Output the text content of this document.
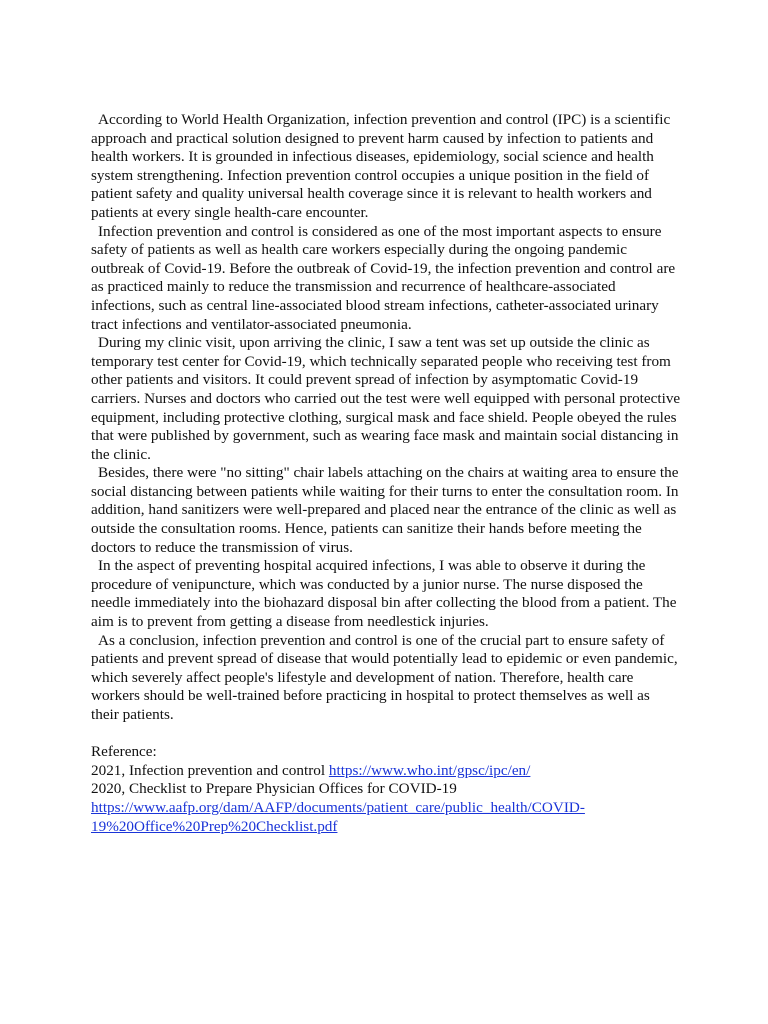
According to World Health Organization, infection prevention and control (IPC) is a scientific approach and practical solution designed to prevent harm caused by infection to patients and health workers. It is grounded in infectious diseases, epidemiology, social science and health system strengthening. Infection prevention control occupies a unique position in the field of patient safety and quality universal health coverage since it is relevant to health workers and patients at every single health-care encounter.

Infection prevention and control is considered as one of the most important aspects to ensure safety of patients as well as health care workers especially during the ongoing pandemic outbreak of Covid-19. Before the outbreak of Covid-19, the infection prevention and control are as practiced mainly to reduce the transmission and recurrence of healthcare-associated infections, such as central line-associated blood stream infections, catheter-associated urinary tract infections and ventilator-associated pneumonia.

During my clinic visit, upon arriving the clinic, I saw a tent was set up outside the clinic as temporary test center for Covid-19, which technically separated people who receiving test from other patients and visitors. It could prevent spread of infection by asymptomatic Covid-19 carriers. Nurses and doctors who carried out the test were well equipped with personal protective equipment, including protective clothing, surgical mask and face shield. People obeyed the rules that were published by government, such as wearing face mask and maintain social distancing in the clinic.

Besides, there were "no sitting" chair labels attaching on the chairs at waiting area to ensure the social distancing between patients while waiting for their turns to enter the consultation room. In addition, hand sanitizers were well-prepared and placed near the entrance of the clinic as well as outside the consultation rooms. Hence, patients can sanitize their hands before meeting the doctors to reduce the transmission of virus.

In the aspect of preventing hospital acquired infections, I was able to observe it during the procedure of venipuncture, which was conducted by a junior nurse. The nurse disposed the needle immediately into the biohazard disposal bin after collecting the blood from a patient. The aim is to prevent from getting a disease from needlestick injuries.

As a conclusion, infection prevention and control is one of the crucial part to ensure safety of patients and prevent spread of disease that would potentially lead to epidemic or even pandemic, which severely affect people's lifestyle and development of nation. Therefore, health care workers should be well-trained before practicing in hospital to protect themselves as well as their patients.

Reference:

2021, Infection prevention and control https://www.who.int/gpsc/ipc/en/

2020, Checklist to Prepare Physician Offices for COVID-19

https://www.aafp.org/dam/AAFP/documents/patient_care/public_health/COVID-
19%20Office%20Prep%20Checklist.pdf
